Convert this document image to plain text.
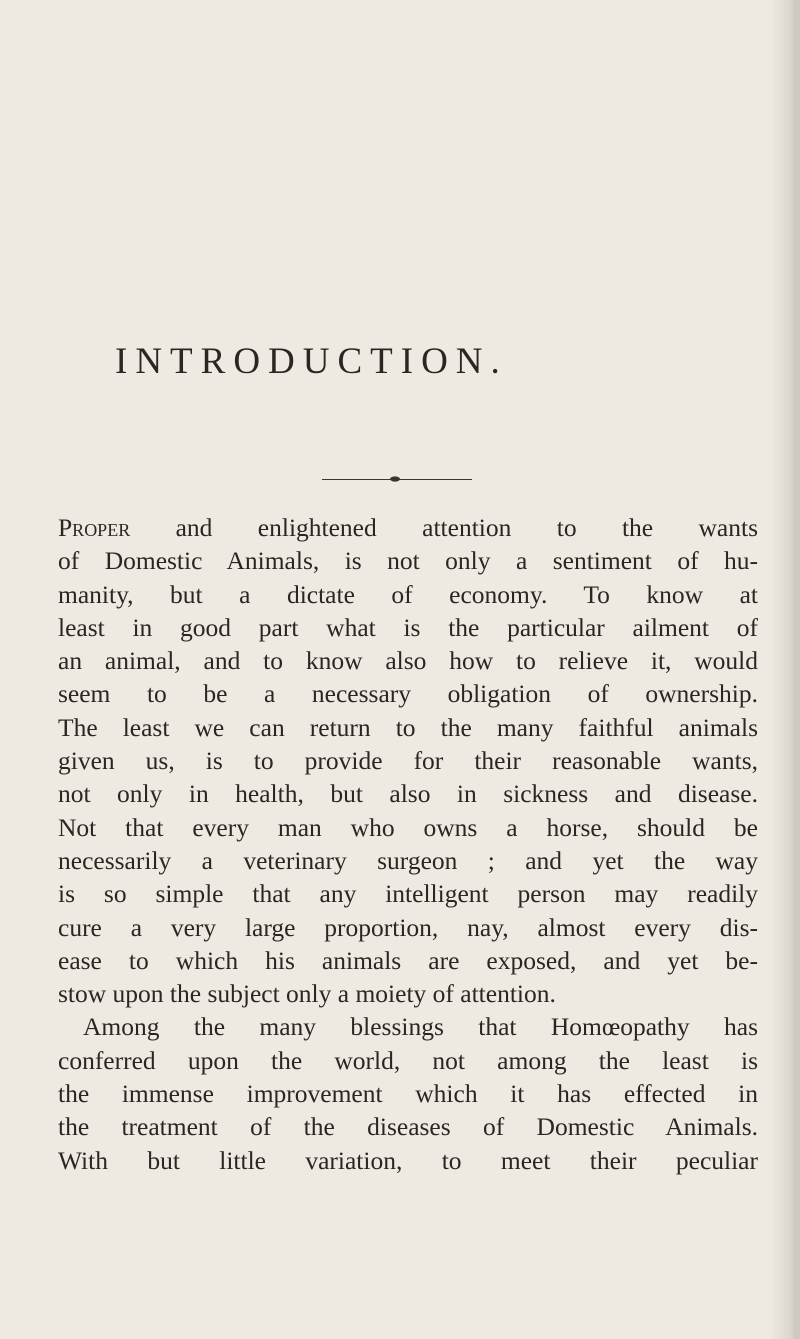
INTRODUCTION.
Proper and enlightened attention to the wants
of Domestic Animals, is not only a sentiment of hu-
manity, but a dictate of economy. To know at
least in good part what is the particular ailment of
an animal, and to know also how to relieve it, would
seem to be a necessary obligation of ownership.
The least we can return to the many faithful animals
given us, is to provide for their reasonable wants,
not only in health, but also in sickness and disease.
Not that every man who owns a horse, should be
necessarily a veterinary surgeon ; and yet the way
is so simple that any intelligent person may readily
cure a very large proportion, nay, almost every dis-
ease to which his animals are exposed, and yet be-
stow upon the subject only a moiety of attention.
Among the many blessings that Homœopathy has
conferred upon the world, not among the least is
the immense improvement which it has effected in
the treatment of the diseases of Domestic Animals.
With but little variation, to meet their peculiar
